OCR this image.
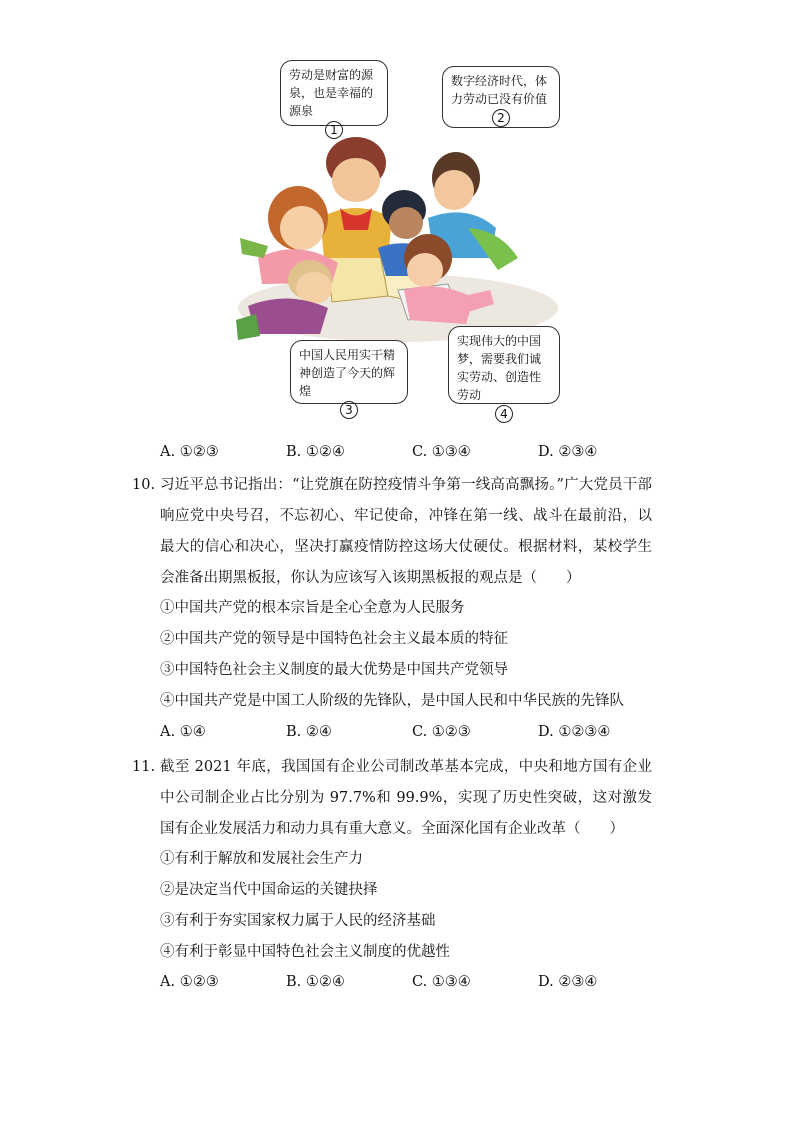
劳动是财富的源泉，也是幸福的源泉
1
数字经济时代，体力劳动已没有价值
2
中国人民用实干精神创造了今天的辉煌
3
实现伟大的中国梦，需要我们诚实劳动、创造性劳动
4
A. ①②③	B. ①②④	C. ①③④	D. ②③④
10. 习近平总书记指出：“让党旗在防控疫情斗争第一线高高飘扬。”广大党员干部响应党中央号召，不忘初心、牢记使命，冲锋在第一线、战斗在最前沿，以最大的信心和决心，坚决打赢疫情防控这场大仗硬仗。根据材料，某校学生会准备出期黑板报，你认为应该写入该期黑板报的观点是（　　）
①中国共产党的根本宗旨是全心全意为人民服务
②中国共产党的领导是中国特色社会主义最本质的特征
③中国特色社会主义制度的最大优势是中国共产党领导
④中国共产党是中国工人阶级的先锋队，是中国人民和中华民族的先锋队
A. ①④	B. ②④	C. ①②③	D. ①②③④
11. 截至 2021 年底，我国国有企业公司制改革基本完成，中央和地方国有企业中公司制企业占比分别为 97.7%和 99.9%，实现了历史性突破，这对激发国有企业发展活力和动力具有重大意义。全面深化国有企业改革（　　）
①有利于解放和发展社会生产力
②是决定当代中国命运的关键抉择
③有利于夯实国家权力属于人民的经济基础
④有利于彰显中国特色社会主义制度的优越性
A. ①②③	B. ①②④	C. ①③④	D. ②③④
